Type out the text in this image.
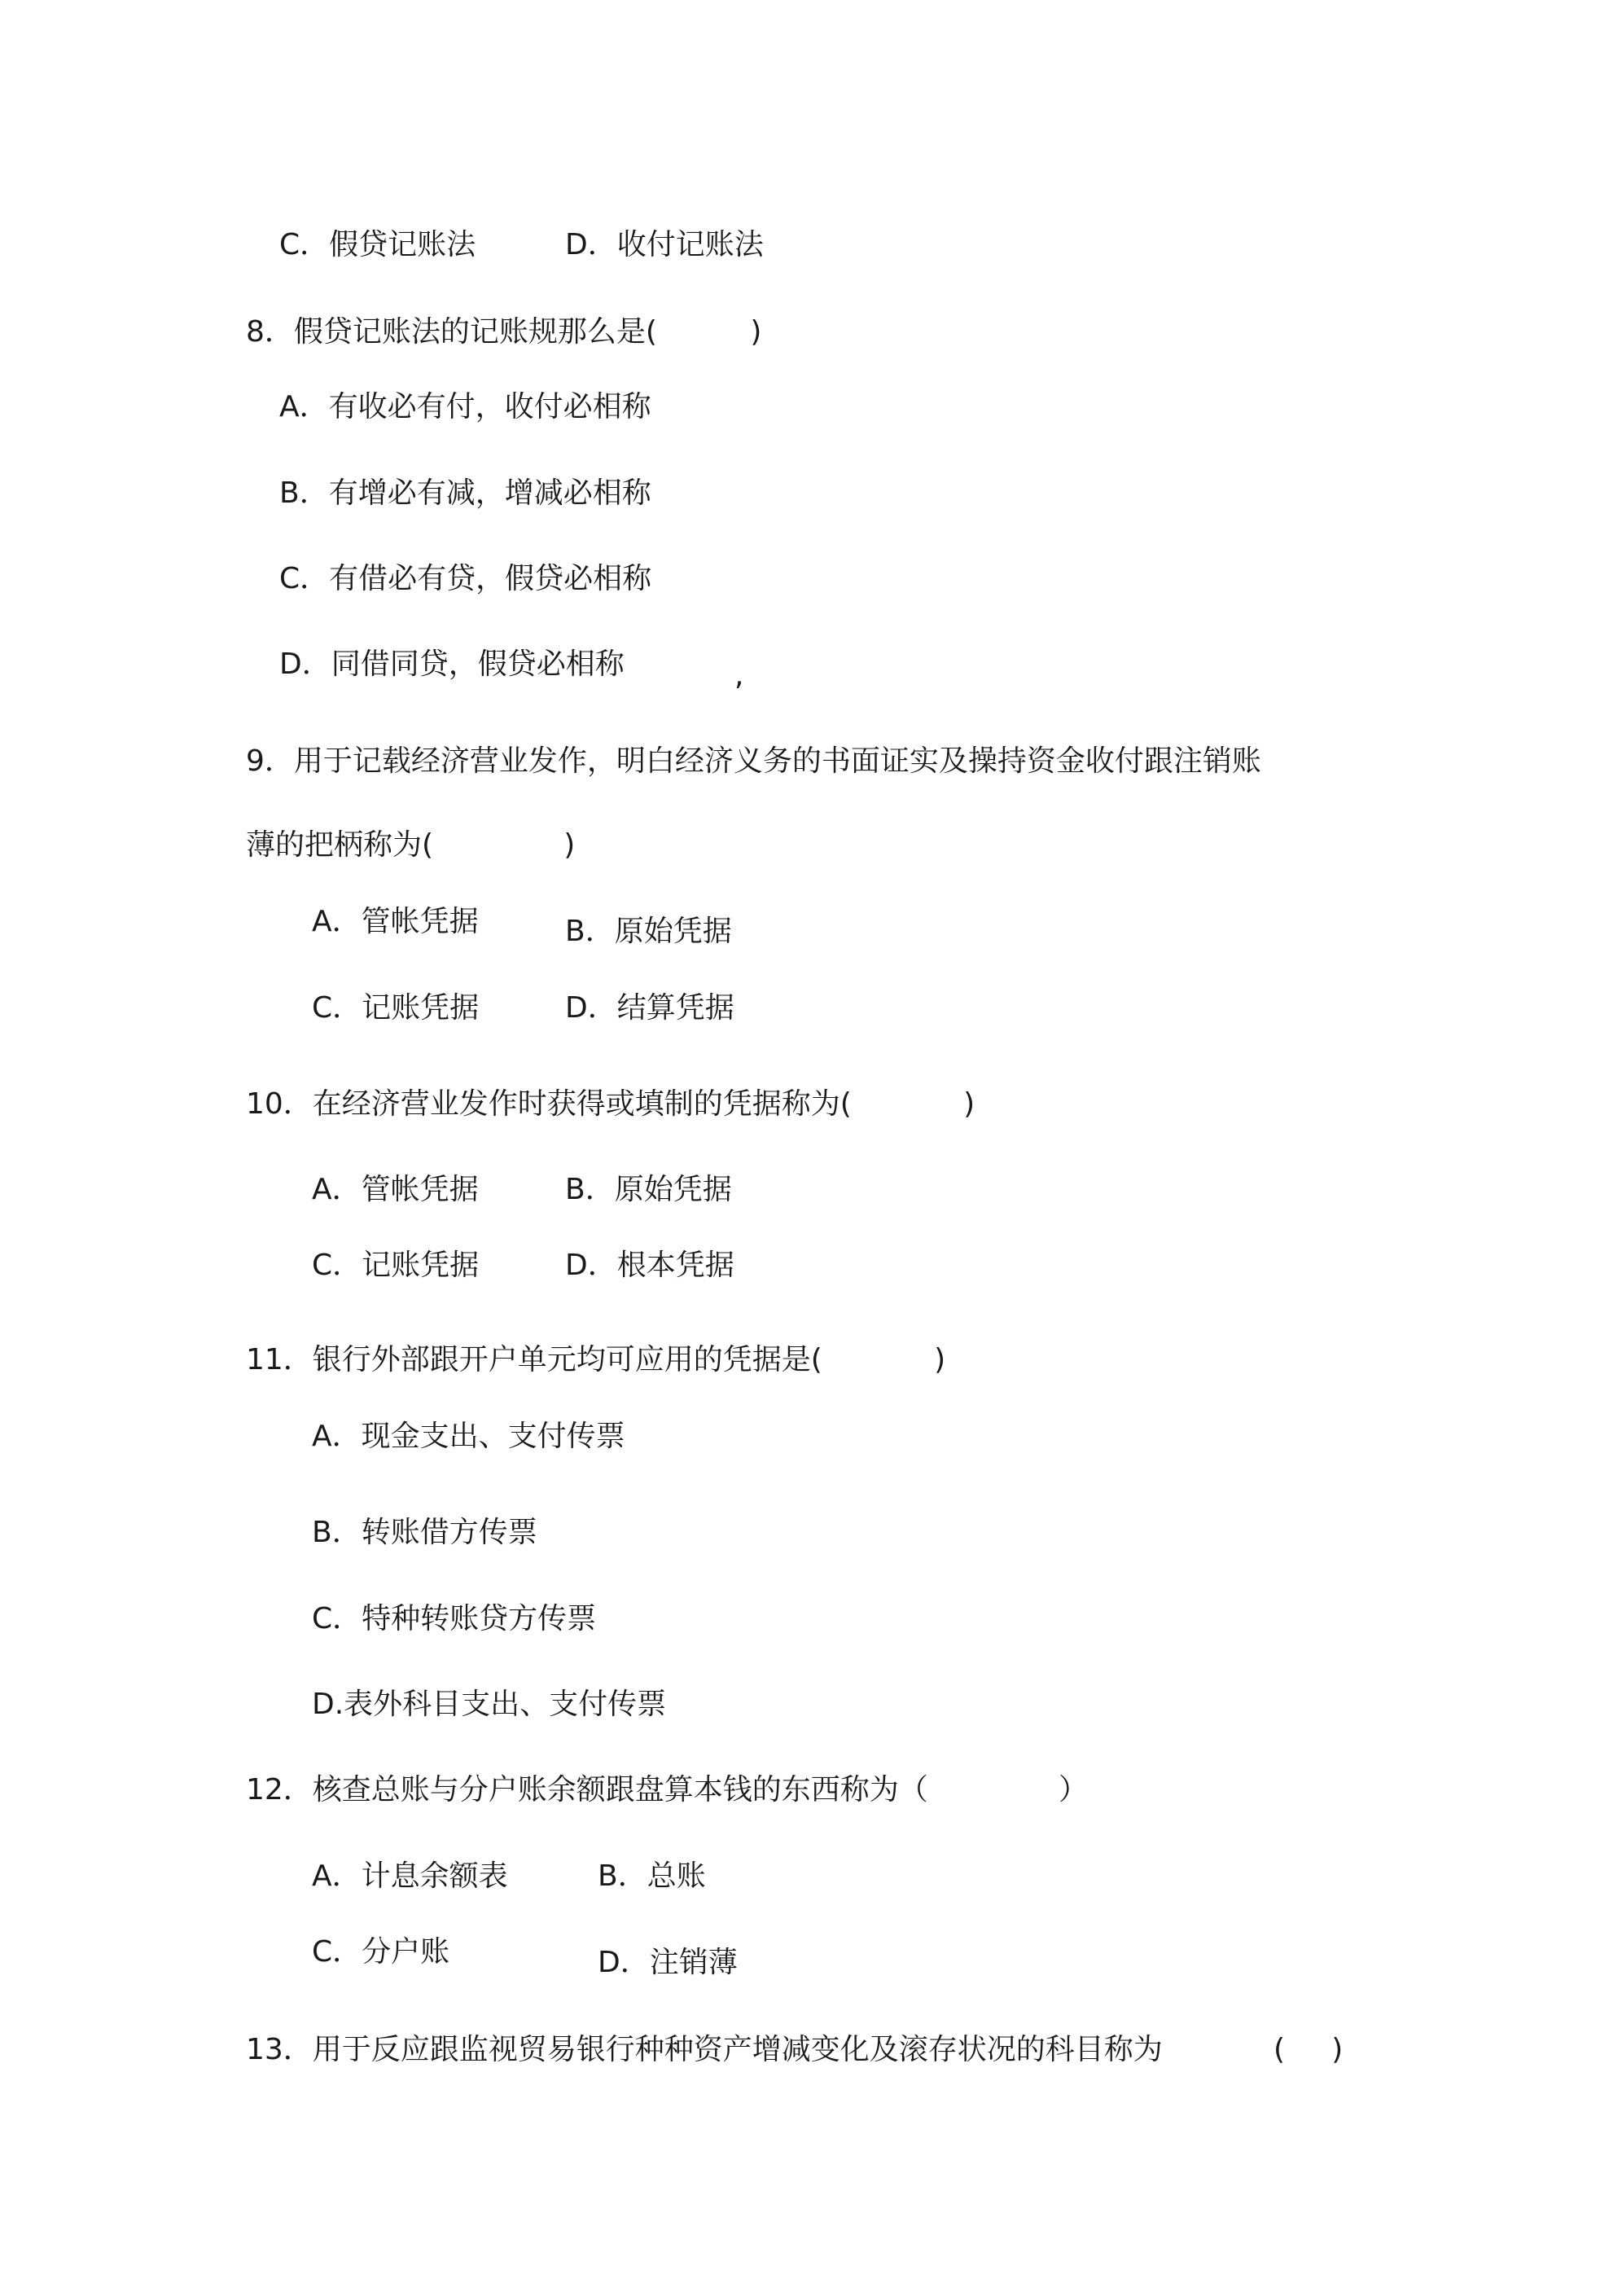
C．假贷记账法	D．收付记账法
8．假贷记账法的记账规那么是(          )
A．有收必有付，收付必相称
B．有增必有减，增减必相称
C．有借必有贷，假贷必相称
D．同借同贷，假贷必相称	,
9．用于记载经济营业发作，明白经济义务的书面证实及操持资金收付跟注销账
薄的把柄称为(              )
A．管帐凭据	B．原始凭据
C．记账凭据	D．结算凭据
10．在经济营业发作时获得或填制的凭据称为(            )
A．管帐凭据	B．原始凭据
C．记账凭据	D．根本凭据
11．银行外部跟开户单元均可应用的凭据是(            )
A．现金支出、支付传票
B．转账借方传票
C．特种转账贷方传票
D.表外科目支出、支付传票
12．核查总账与分户账余额跟盘算本钱的东西称为（              ）
A．计息余额表	B．总账
C．分户账	D．注销薄
13．用于反应跟监视贸易银行种种资产增减变化及滚存状况的科目称为	(     )
